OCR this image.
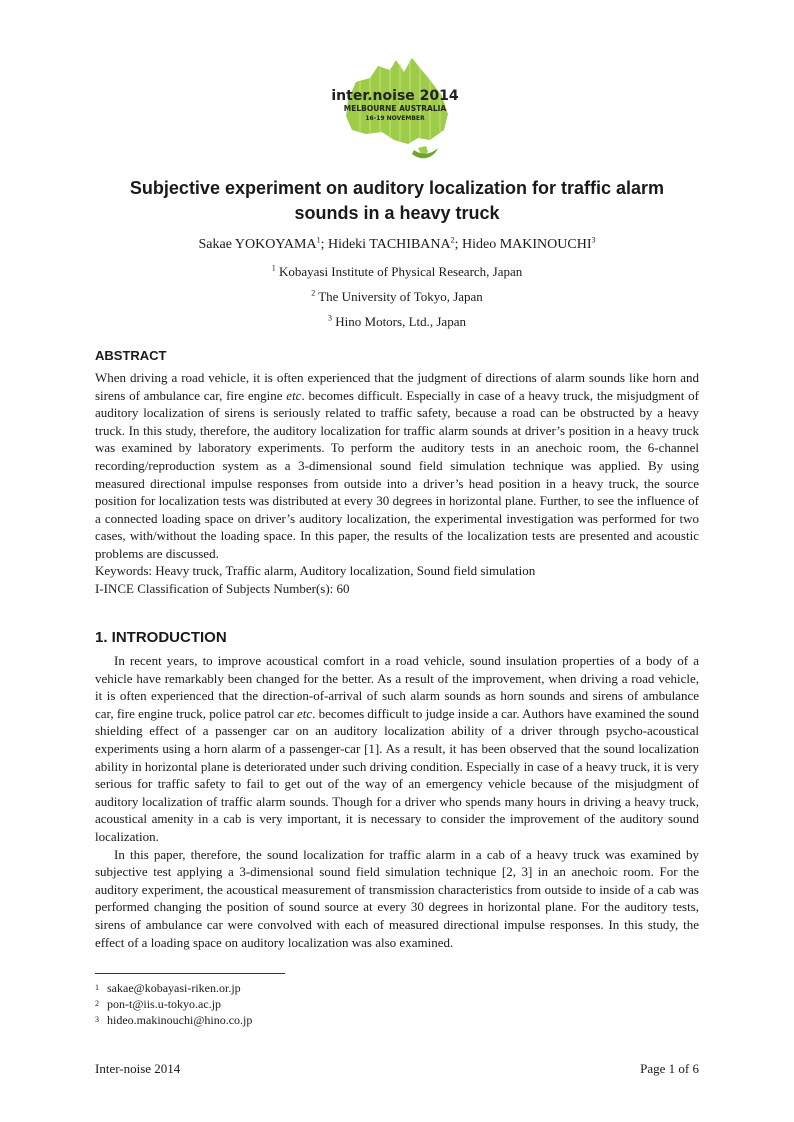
inter.noise 2014
MELBOURNE AUSTRALIA
16-19 NOVEMBER
Subjective experiment on auditory localization for traffic alarm
sounds in a heavy truck
Sakae YOKOYAMA$^1$; Hideki TACHIBANA$^2$; Hideo MAKINOUCHI$^3$
$^1$ Kobayasi Institute of Physical Research, Japan
$^2$ The University of Tokyo, Japan
$^3$ Hino Motors, Ltd., Japan
ABSTRACT

When driving a road vehicle, it is often experienced that the judgment of directions of alarm sounds like horn and sirens of ambulance car, fire engine etc. becomes difficult. Especially in case of a heavy truck, the misjudgment of auditory localization of sirens is seriously related to traffic safety, because a road can be obstructed by a heavy truck. In this study, therefore, the auditory localization for traffic alarm sounds at driver’s position in a heavy truck was examined by laboratory experiments. To perform the auditory tests in an anechoic room, the 6-channel recording/reproduction system as a 3-dimensional sound field simulation technique was applied. By using measured directional impulse responses from outside into a driver’s head position in a heavy truck, the source position for localization tests was distributed at every 30 degrees in horizontal plane. Further, to see the influence of a connected loading space on driver’s auditory localization, the experimental investigation was performed for two cases, with/without the loading space. In this paper, the results of the localization tests are presented and acoustic problems are discussed.

Keywords: Heavy truck, Traffic alarm, Auditory localization, Sound field simulation
I-INCE Classification of Subjects Number(s): 60
1. INTRODUCTION

In recent years, to improve acoustical comfort in a road vehicle, sound insulation properties of a body of a vehicle have remarkably been changed for the better. As a result of the improvement, when driving a road vehicle, it is often experienced that the direction-of-arrival of such alarm sounds as horn sounds and sirens of ambulance car, fire engine truck, police patrol car etc. becomes difficult to judge inside a car. Authors have examined the sound shielding effect of a passenger car on an auditory localization ability of a driver through psycho-acoustical experiments using a horn alarm of a passenger-car [1]. As a result, it has been observed that the sound localization ability in horizontal plane is deteriorated under such driving condition. Especially in case of a heavy truck, it is very serious for traffic safety to fail to get out of the way of an emergency vehicle because of the misjudgment of auditory localization of traffic alarm sounds. Though for a driver who spends many hours in driving a heavy truck, acoustical amenity in a cab is very important, it is necessary to consider the improvement of the auditory sound localization.

In this paper, therefore, the sound localization for traffic alarm in a cab of a heavy truck was examined by subjective test applying a 3-dimensional sound field simulation technique [2, 3] in an anechoic room. For the auditory experiment, the acoustical measurement of transmission characteristics from outside to inside of a cab was performed changing the position of sound source at every 30 degrees in horizontal plane. For the auditory tests, sirens of ambulance car were convolved with each of measured directional impulse responses. In this study, the effect of a loading space on auditory localization was also examined.

1 sakae@kobayasi-riken.or.jp
2 pon-t@iis.u-tokyo.ac.jp
3 hideo.makinouchi@hino.co.jp
Inter-noise 2014	Page 1 of 6
